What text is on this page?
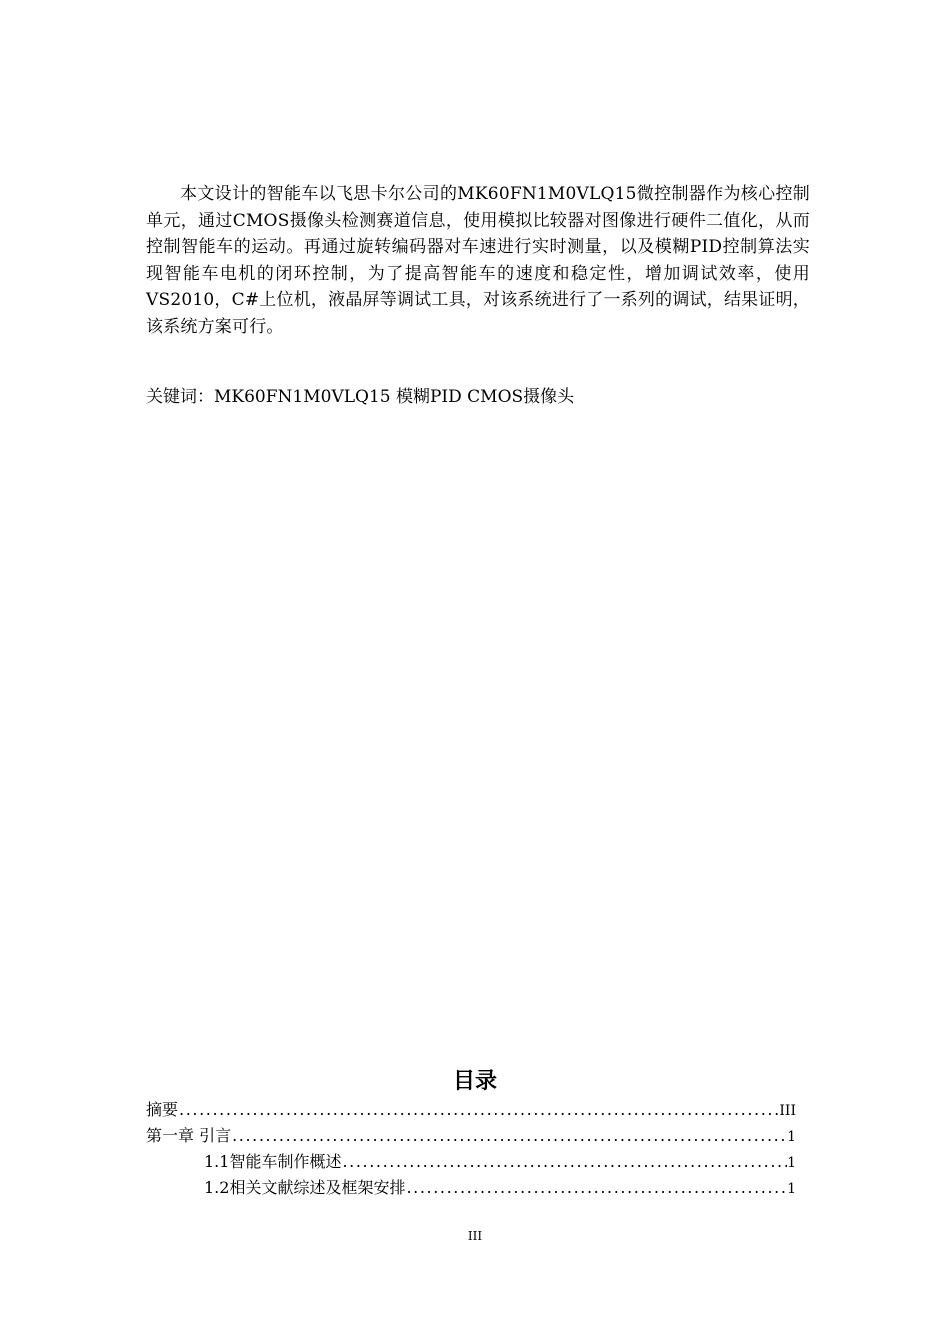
本文设计的智能车以飞思卡尔公司的MK60FN1M0VLQ15微控制器作为核心控制单元，通过CMOS摄像头检测赛道信息，使用模拟比较器对图像进行硬件二值化，从而控制智能车的运动。再通过旋转编码器对车速进行实时测量，以及模糊PID控制算法实现智能车电机的闭环控制，为了提高智能车的速度和稳定性，增加调试效率，使用VS2010，C#上位机，液晶屏等调试工具，对该系统进行了一系列的调试，结果证明，该系统方案可行。

关键词：MK60FN1M0VLQ15 模糊PID CMOS摄像头

目录
摘要 .....	III
第一章 引言 .....	1
1.1智能车制作概述 .....	1
1.2相关文献综述及框架安排 .....	1

III
